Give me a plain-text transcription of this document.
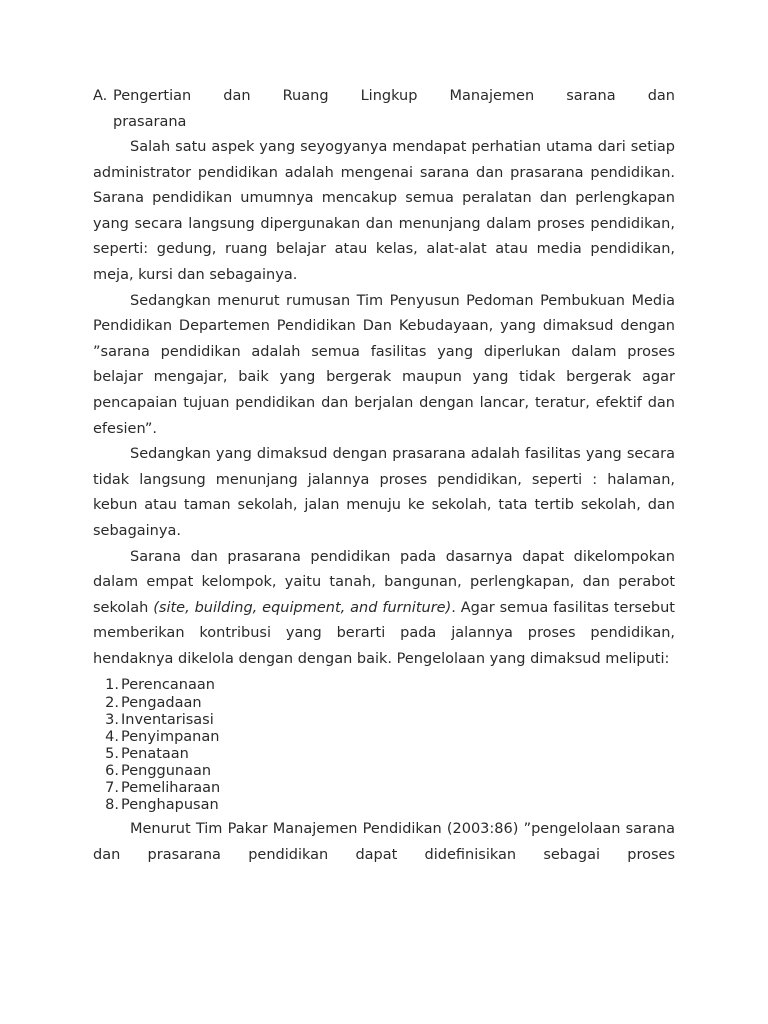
A. Pengertian dan Ruang Lingkup Manajemen sarana dan
prasarana

Salah satu aspek yang seyogyanya mendapat perhatian utama dari setiap administrator pendidikan adalah mengenai sarana dan prasarana pendidikan. Sarana pendidikan umumnya mencakup semua peralatan dan perlengkapan yang secara langsung dipergunakan dan menunjang dalam proses pendidikan, seperti: gedung, ruang belajar atau kelas, alat-alat atau media pendidikan, meja, kursi dan sebagainya.

Sedangkan menurut rumusan Tim Penyusun Pedoman Pembukuan Media Pendidikan Departemen Pendidikan Dan Kebudayaan, yang dimaksud dengan ”sarana pendidikan adalah semua fasilitas yang diperlukan dalam proses belajar mengajar, baik yang bergerak maupun yang tidak bergerak agar pencapaian tujuan pendidikan dan berjalan dengan lancar, teratur, efektif dan efesien”.

Sedangkan yang dimaksud dengan prasarana adalah fasilitas yang secara tidak langsung menunjang jalannya proses pendidikan, seperti : halaman, kebun atau taman sekolah, jalan menuju ke sekolah, tata tertib sekolah, dan sebagainya.

Sarana dan prasarana pendidikan pada dasarnya dapat dikelompokan dalam empat kelompok, yaitu tanah, bangunan, perlengkapan, dan perabot sekolah (site, building, equipment, and furniture). Agar semua fasilitas tersebut memberikan kontribusi yang berarti pada jalannya proses pendidikan, hendaknya dikelola dengan dengan baik. Pengelolaan yang dimaksud meliputi:

1. Perencanaan
2. Pengadaan
3. Inventarisasi
4. Penyimpanan
5. Penataan
6. Penggunaan
7. Pemeliharaan
8. Penghapusan

Menurut Tim Pakar Manajemen Pendidikan (2003:86) ”pengelolaan sarana dan prasarana pendidikan dapat didefinisikan sebagai proses
